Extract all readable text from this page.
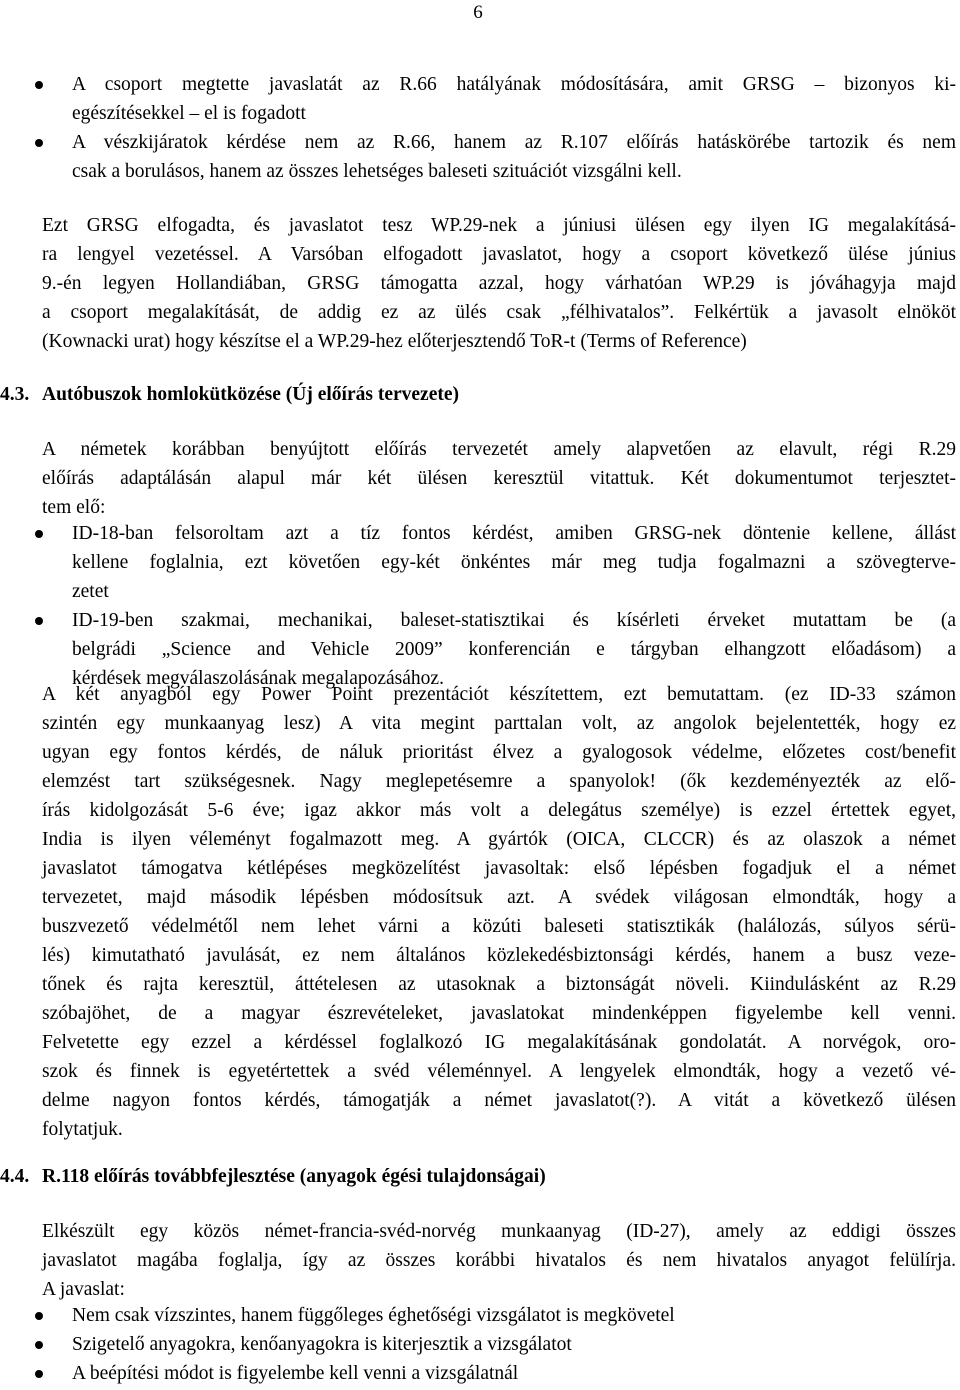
6
A csoport megtette javaslatát az R.66 hatályának módosítására, amit GRSG – bizonyos ki-
egészítésekkel – el is fogadott
A vészkijáratok kérdése nem az R.66, hanem az R.107 előírás hatáskörébe tartozik és nem
csak a borulásos, hanem az összes lehetséges baleseti szituációt vizsgálni kell.
Ezt GRSG elfogadta, és javaslatot tesz WP.29-nek a júniusi ülésen egy ilyen IG megalakításá-
ra lengyel vezetéssel. A Varsóban elfogadott javaslatot, hogy a csoport következő ülése június
9.-én legyen Hollandiában, GRSG támogatta azzal, hogy várhatóan WP.29 is jóváhagyja majd
a csoport megalakítását, de addig ez az ülés csak „félhivatalos”. Felkértük a javasolt elnököt
(Kownacki urat) hogy készítse el a WP.29-hez előterjesztendő ToR-t (Terms of Reference)
4.3. Autóbuszok homlokütközése (Új előírás tervezete)
A németek korábban benyújtott előírás tervezetét amely alapvetően az elavult, régi R.29
előírás adaptálásán alapul már két ülésen keresztül vitattuk. Két dokumentumot terjesztet-
tem elő:
ID-18-ban felsoroltam azt a tíz fontos kérdést, amiben GRSG-nek döntenie kellene, állást
kellene foglalnia, ezt követően egy-két önkéntes már meg tudja fogalmazni a szövegterve-
zetet
ID-19-ben szakmai, mechanikai, baleset-statisztikai és kísérleti érveket mutattam be (a
belgrádi „Science and Vehicle 2009” konferencián e tárgyban elhangzott előadásom) a
kérdések megválaszolásának megalapozásához.
A két anyagból egy Power Point prezentációt készítettem, ezt bemutattam. (ez ID-33 számon
szintén egy munkaanyag lesz) A vita megint parttalan volt, az angolok bejelentették, hogy ez
ugyan egy fontos kérdés, de náluk prioritást élvez a gyalogosok védelme, előzetes cost/benefit
elemzést tart szükségesnek. Nagy meglepetésemre a spanyolok! (ők kezdeményezték az elő-
írás kidolgozását 5-6 éve; igaz akkor más volt a delegátus személye) is ezzel értettek egyet,
India is ilyen véleményt fogalmazott meg. A gyártók (OICA, CLCCR) és az olaszok a német
javaslatot támogatva kétlépéses megközelítést javasoltak: első lépésben fogadjuk el a német
tervezetet, majd második lépésben módosítsuk azt. A svédek világosan elmondták, hogy a
buszvezető védelmétől nem lehet várni a közúti baleseti statisztikák (halálozás, súlyos sérü-
lés) kimutatható javulását, ez nem általános közlekedésbiztonsági kérdés, hanem a busz veze-
tőnek és rajta keresztül, áttételesen az utasoknak a biztonságát növeli. Kiindulásként az R.29
szóbajöhet, de a magyar észrevételeket, javaslatokat mindenképpen figyelembe kell venni.
Felvetette egy ezzel a kérdéssel foglalkozó IG megalakításának gondolatát. A norvégok, oro-
szok és finnek is egyetértettek a svéd véleménnyel. A lengyelek elmondták, hogy a vezető vé-
delme nagyon fontos kérdés, támogatják a német javaslatot(?). A vitát a következő ülésen
folytatjuk.
4.4. R.118 előírás továbbfejlesztése (anyagok égési tulajdonságai)
Elkészült egy közös német-francia-svéd-norvég munkaanyag (ID-27), amely az eddigi összes
javaslatot magába foglalja, így az összes korábbi hivatalos és nem hivatalos anyagot felülírja.
A javaslat:
Nem csak vízszintes, hanem függőleges éghetőségi vizsgálatot is megkövetel
Szigetelő anyagokra, kenőanyagokra is kiterjesztik a vizsgálatot
A beépítési módot is figyelembe kell venni a vizsgálatnál
